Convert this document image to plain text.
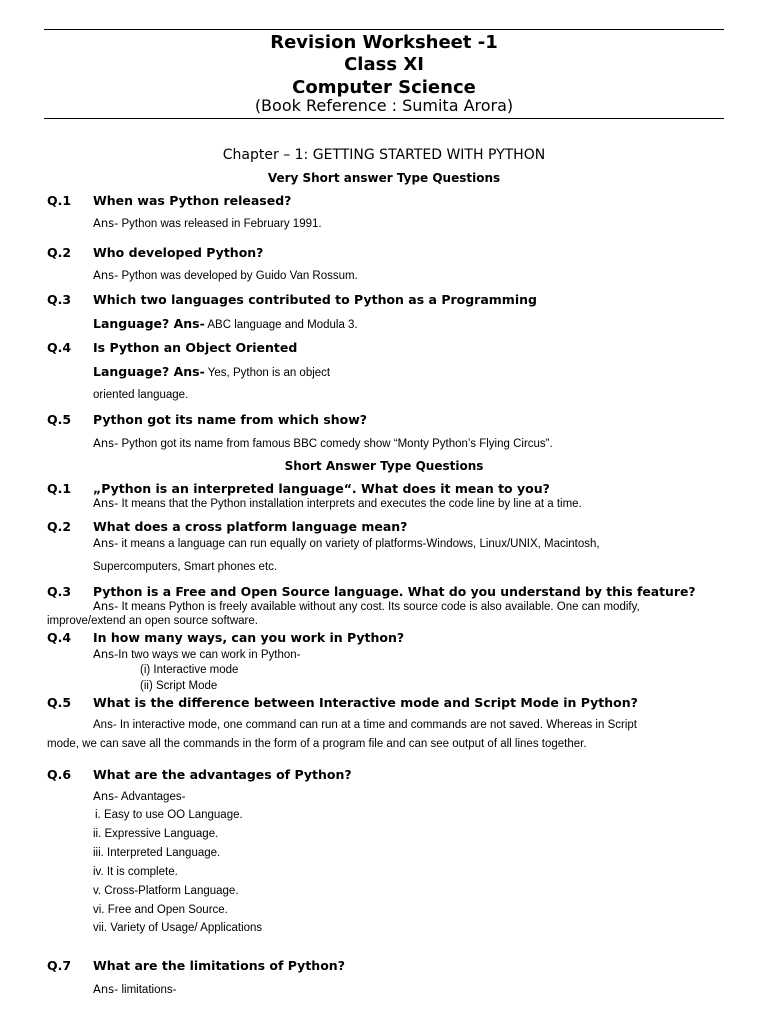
Revision Worksheet -1
Class XI
Computer Science
(Book Reference : Sumita Arora)
Chapter – 1: GETTING STARTED WITH PYTHON
Very Short answer Type Questions
Q.1 When was Python released?
Ans- Python was released in February 1991.
Q.2 Who developed Python?
Ans- Python was developed by Guido Van Rossum.
Q.3 Which two languages contributed to Python as a Programming
Language? Ans- ABC language and Modula 3.
Q.4 Is Python an Object Oriented
Language? Ans- Yes, Python is an object
oriented language.
Q.5 Python got its name from which show?
Ans- Python got its name from famous BBC comedy show “Monty Python’s Flying Circus”.
Short Answer Type Questions
Q.1 „Python is an interpreted language“. What does it mean to you?
Ans- It means that the Python installation interprets and executes the code line by line at a time.
Q.2 What does a cross platform language mean?
Ans- it means a language can run equally on variety of platforms-Windows, Linux/UNIX, Macintosh,
Supercomputers, Smart phones etc.
Q.3 Python is a Free and Open Source language. What do you understand by this feature?
Ans- It means Python is freely available without any cost. Its source code is also available. One can modify,
improve/extend an open source software.
Q.4 In how many ways, can you work in Python?
Ans-In two ways we can work in Python-
(i) Interactive mode
(ii) Script Mode
Q.5 What is the difference between Interactive mode and Script Mode in Python?
Ans- In interactive mode, one command can run at a time and commands are not saved. Whereas in Script
mode, we can save all the commands in the form of a program file and can see output of all lines together.
Q.6 What are the advantages of Python?
Ans- Advantages-
i. Easy to use OO Language.
ii. Expressive Language.
iii. Interpreted Language.
iv. It is complete.
v. Cross-Platform Language.
vi. Free and Open Source.
vii. Variety of Usage/ Applications
Q.7 What are the limitations of Python?
Ans- limitations-
